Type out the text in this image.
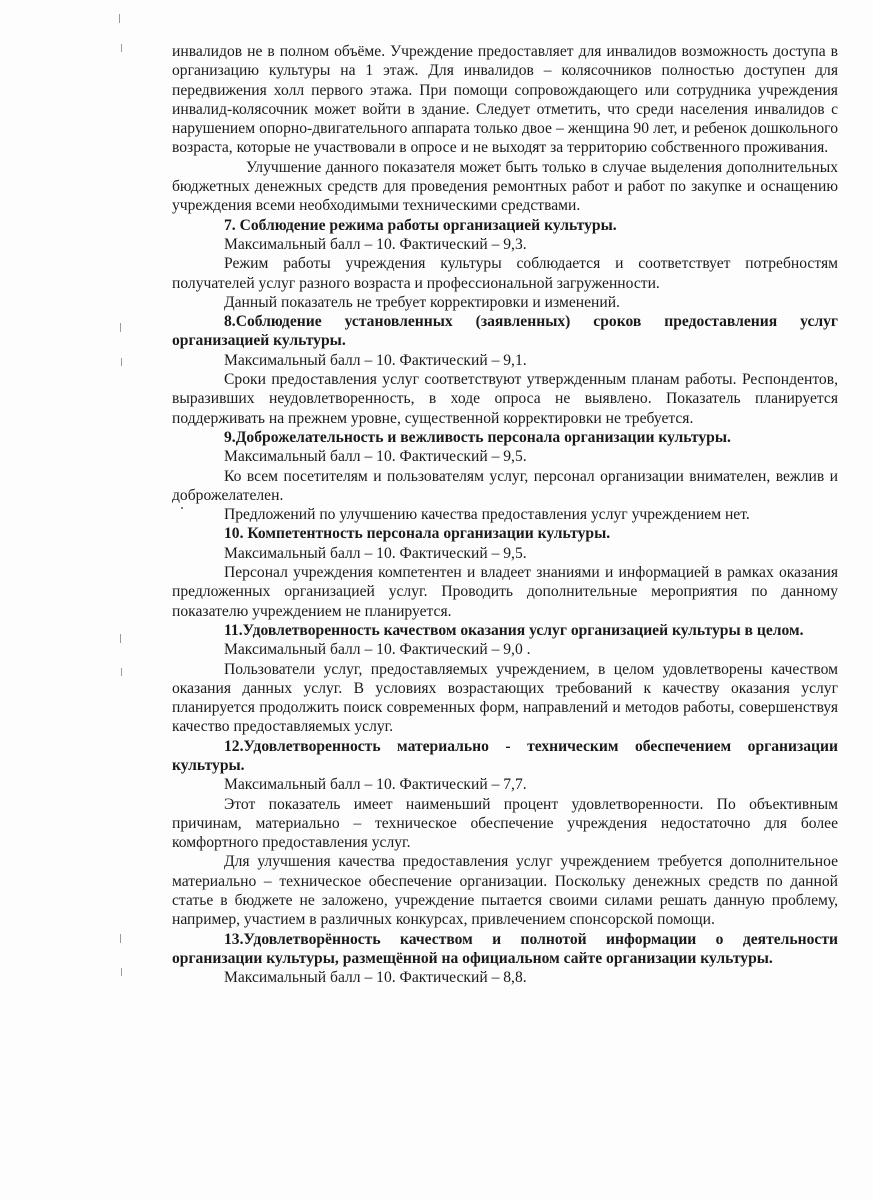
инвалидов не в полном объёме. Учреждение предоставляет для инвалидов возможность доступа в организацию культуры на 1 этаж. Для инвалидов – колясочников полностью доступен для передвижения холл первого этажа. При помощи сопровождающего или сотрудника учреждения инвалид-колясочник может войти в здание. Следует отметить, что среди населения инвалидов с нарушением опорно-двигательного аппарата только двое – женщина 90 лет, и ребенок дошкольного возраста, которые не участвовали в опросе и не выходят за территорию собственного проживания.

Улучшение данного показателя может быть только в случае выделения дополнительных бюджетных денежных средств для проведения ремонтных работ и работ по закупке и оснащению учреждения всеми необходимыми техническими средствами.

7. Соблюдение режима работы организацией культуры.

Максимальный балл – 10. Фактический – 9,3.

Режим работы учреждения культуры соблюдается и соответствует потребностям получателей услуг разного возраста и профессиональной загруженности.

Данный показатель не требует корректировки и изменений.

8.Соблюдение установленных (заявленных) сроков предоставления услуг организацией культуры.

Максимальный балл – 10. Фактический – 9,1.

Сроки предоставления услуг соответствуют утвержденным планам работы. Респондентов, выразивших неудовлетворенность, в ходе опроса не выявлено. Показатель планируется поддерживать на прежнем уровне, существенной корректировки не требуется.

9.Доброжелательность и вежливость персонала организации культуры.

Максимальный балл – 10. Фактический – 9,5.

Ко всем посетителям и пользователям услуг, персонал организации внимателен, вежлив и доброжелателен.

Предложений по улучшению качества предоставления услуг учреждением нет.

10. Компетентность персонала организации культуры.

Максимальный балл – 10. Фактический – 9,5.

Персонал учреждения компетентен и владеет знаниями и информацией в рамках оказания предложенных организацией услуг. Проводить дополнительные мероприятия по данному показателю учреждением не планируется.

11.Удовлетворенность качеством оказания услуг организацией культуры в целом.

Максимальный балл – 10. Фактический – 9,0 .

Пользователи услуг, предоставляемых учреждением, в целом удовлетворены качеством оказания данных услуг. В условиях возрастающих требований к качеству оказания услуг планируется продолжить поиск современных форм, направлений и методов работы, совершенствуя качество предоставляемых услуг.

12.Удовлетворенность материально - техническим обеспечением организации культуры.

Максимальный балл – 10. Фактический – 7,7.

Этот показатель имеет наименьший процент удовлетворенности. По объективным причинам, материально – техническое обеспечение учреждения недостаточно для более комфортного предоставления услуг.

Для улучшения качества предоставления услуг учреждением требуется дополнительное материально – техническое обеспечение организации. Поскольку денежных средств по данной статье в бюджете не заложено, учреждение пытается своими силами решать данную проблему, например, участием в различных конкурсах, привлечением спонсорской помощи.

13.Удовлетворённость качеством и полнотой информации о деятельности организации культуры, размещённой на официальном сайте организации культуры.

Максимальный балл – 10. Фактический – 8,8.
